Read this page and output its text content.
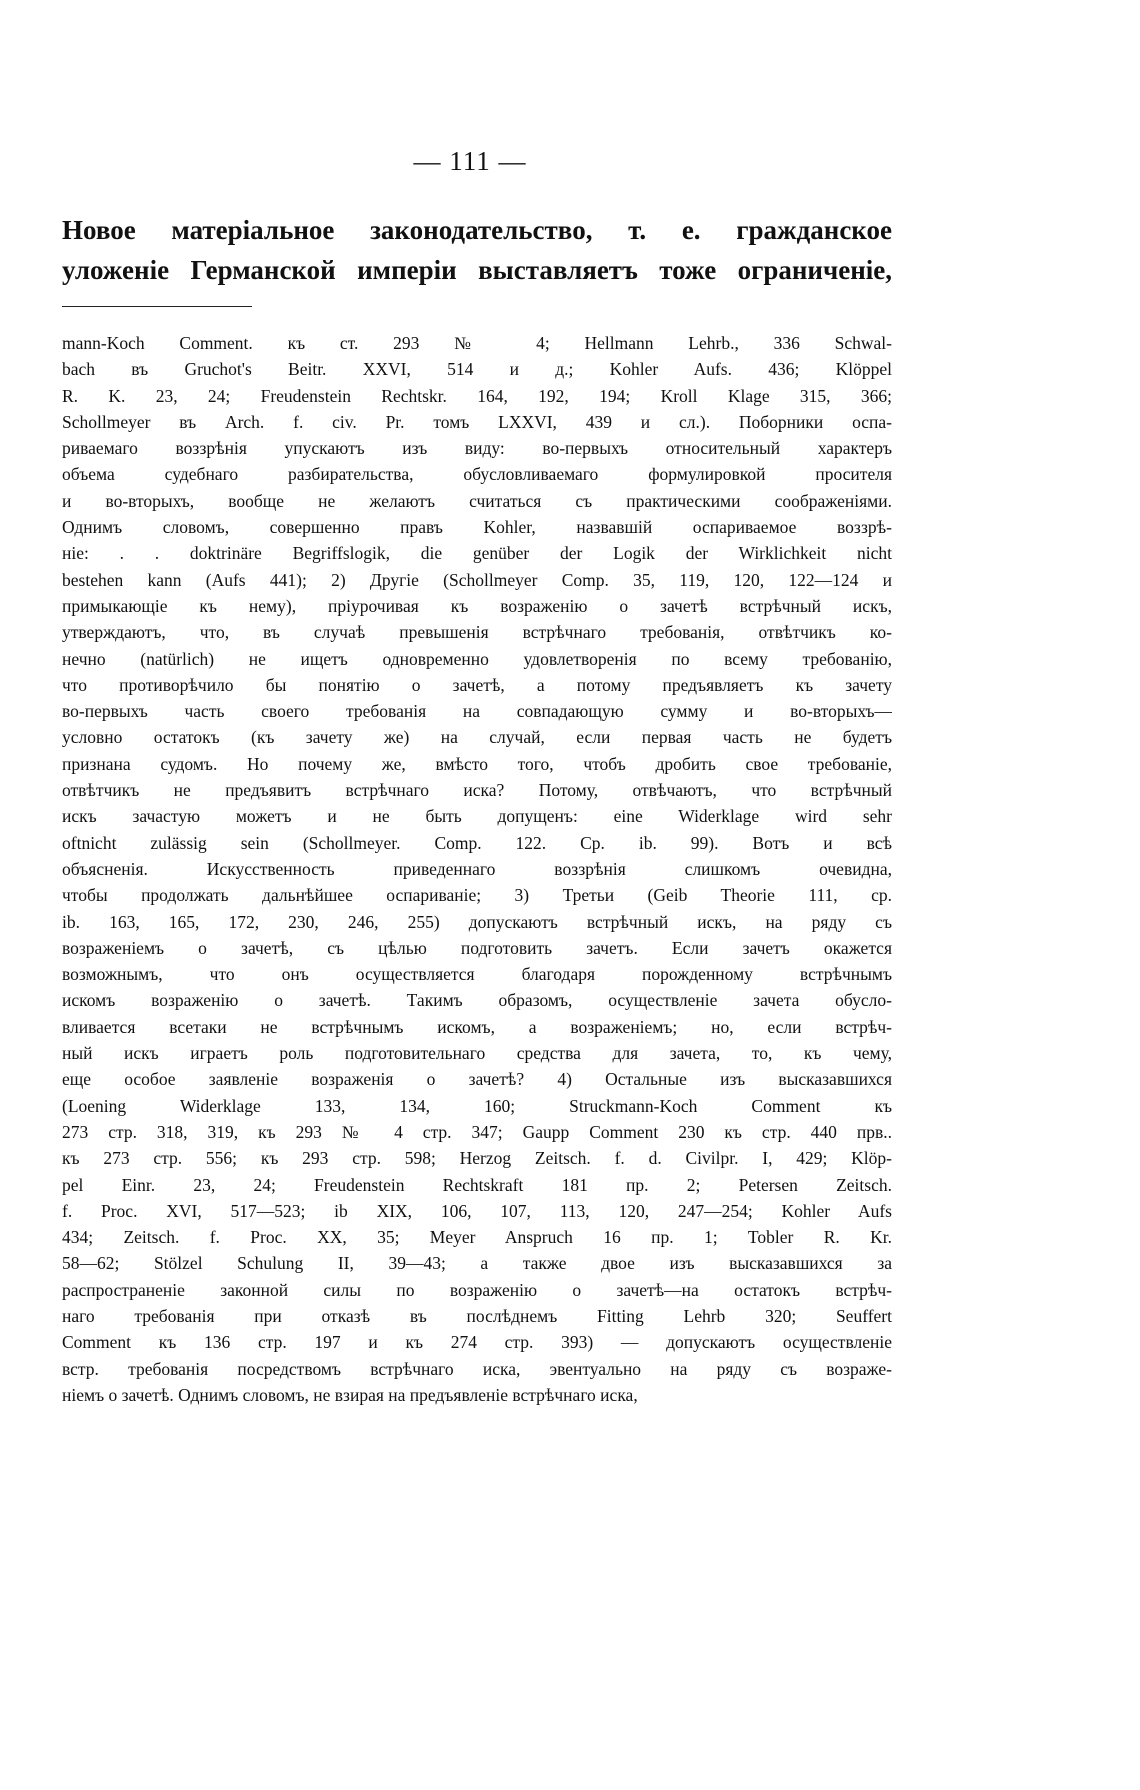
— 111 —
Новое матеріальное законодательство, т. е. гражданское
уложеніе Германской имперіи выставляетъ тоже ограниченіе,
mann-Koch Comment. къ ст. 293 № 4; Hellmann Lehrb., 336 Schwal-
bach въ Gruchot's Beitr. XXVI, 514 и д.; Kohler Aufs. 436; Klöppel
R. K. 23, 24; Freudenstein Rechtskr. 164, 192, 194; Kroll Klage 315, 366;
Schollmeyer въ Arch. f. civ. Pr. томъ LXXVI, 439 и сл.). Поборники оспа-
риваемаго воззрѣнія упускаютъ изъ виду: во-первыхъ относительный характеръ
объема судебнаго разбирательства, обусловливаемаго формулировкой просителя
и во-вторыхъ, вообще не желаютъ считаться съ практическими соображеніями.
Однимъ словомъ, совершенно правъ Kohler, назвавшій оспариваемое воззрѣ-
ніе: . . doktrinäre Begriffslogik, die genüber der Logik der Wirklichkeit nicht
bestehen kann (Aufs 441); 2) Другіе (Schollmeyer Comp. 35, 119, 120, 122—124 и
примыкающіе къ нему), пріурочивая къ возраженію о зачетѣ встрѣчный искъ,
утверждаютъ, что, въ случаѣ превышенія встрѣчнаго требованія, отвѣтчикъ ко-
нечно (natürlich) не ищетъ одновременно удовлетворенія по всему требованію,
что противорѣчило бы понятію о зачетѣ, а потому предъявляетъ къ зачету
во-первыхъ часть своего требованія на совпадающую сумму и во-вторыхъ—
условно остатокъ (къ зачету же) на случай, если первая часть не будетъ
признана судомъ. Но почему же, вмѣсто того, чтобъ дробить свое требованіе,
отвѣтчикъ не предъявитъ встрѣчнаго иска? Потому, отвѣчаютъ, что встрѣчный
искъ зачастую можетъ и не быть допущенъ: eine Widerklage wird sehr
oftnicht zulässig sein (Schollmeyer. Comp. 122. Cp. ib. 99). Вотъ и всѣ
объясненія. Искусственность приведеннаго воззрѣнія слишкомъ очевидна,
чтобы продолжать дальнѣйшее оспариваніе; 3) Третьи (Geib Theorie 111, cp.
ib. 163, 165, 172, 230, 246, 255) допускаютъ встрѣчный искъ, на ряду съ
возраженіемъ о зачетѣ, съ цѣлью подготовить зачетъ. Если зачетъ окажется
возможнымъ, что онъ осуществляется благодаря порожденному встрѣчнымъ
искомъ возраженію о зачетѣ. Такимъ образомъ, осуществленіе зачета обусло-
вливается всетаки не встрѣчнымъ искомъ, а возраженіемъ; но, если встрѣч-
ный искъ играетъ роль подготовительнаго средства для зачета, то, къ чему,
еще особое заявленіе возраженія о зачетѣ? 4) Остальные изъ высказавшихся
(Loening Widerklage 133, 134, 160; Struckmann-Koch Comment къ
273 стр. 318, 319, къ 293 № 4 стр. 347; Gaupp Comment 230 къ стр. 440 прв..
къ 273 стр. 556; къ 293 стр. 598; Herzog Zeitsch. f. d. Civilpr. I, 429; Klöp-
pel Einr. 23, 24; Freudenstein Rechtskraft 181 пр. 2; Petersen Zeitsch.
f. Proc. XVI, 517—523; ib XIX, 106, 107, 113, 120, 247—254; Kohler Aufs
434; Zeitsch. f. Proc. XX, 35; Meyer Anspruch 16 пр. 1; Tobler R. Kr.
58—62; Stölzel Schulung II, 39—43; а также двое изъ высказавшихся за
распространеніе законной силы по возраженію о зачетѣ—на остатокъ встрѣч-
наго требованія при отказѣ въ послѣднемъ Fitting Lehrb 320; Seuffert
Comment къ 136 стр. 197 и къ 274 стр. 393) — допускаютъ осуществленіе
встр. требованія посредствомъ встрѣчнаго иска, эвентуально на ряду съ возраже-
ніемъ о зачетѣ. Однимъ словомъ, не взирая на предъявленіе встрѣчнаго иска,
